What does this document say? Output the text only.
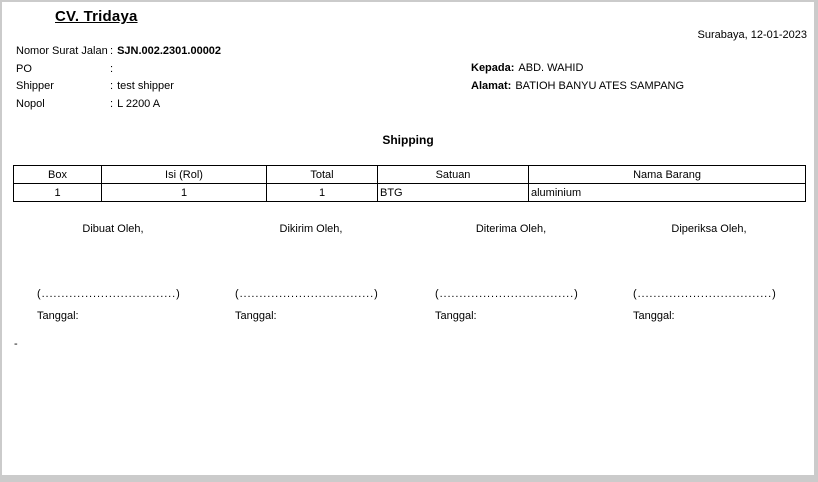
CV. Tridaya
Surabaya, 12-01-2023
Nomor Surat Jalan : SJN.002.2301.00002
PO	:
Shipper	: test shipper
Nopol	: L 2200 A
Kepada: ABD. WAHID
Alamat: BATIOH BANYU ATES SAMPANG
Shipping
Box	Isi (Rol)	Total	Satuan	Nama Barang
1	1	1	BTG	aluminium
Dibuat Oleh,
(..................................)
Tanggal:
Dikirim Oleh,
(..................................)
Tanggal:
Diterima Oleh,
(..................................)
Tanggal:
Diperiksa Oleh,
(..................................)
Tanggal:
-
